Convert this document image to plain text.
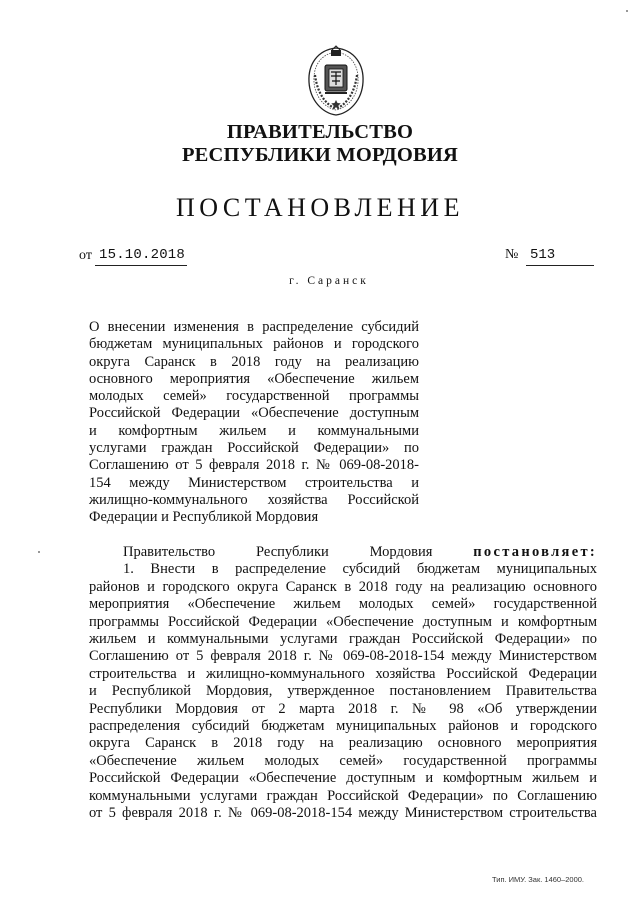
ПРАВИТЕЛЬСТВО
РЕСПУБЛИКИ МОРДОВИЯ
ПОСТАНОВЛЕНИЕ
от 15.10.2018	№ 513
г. Саранск

О внесении изменения в распределение субсидий

бюджетам муниципальных районов и городского

округа Саранск в 2018 году на реализацию

основного мероприятия «Обеспечение жильем

молодых семей» государственной программы

Российской Федерации «Обеспечение доступным

и комфортным жильем и коммунальными

услугами граждан Российской Федерации» по

Соглашению от 5 февраля 2018 г. № 069-08-2018-

154 между Министерством строительства и

жилищно-коммунального хозяйства Российской

Федерации и Республикой Мордовия

Правительство Республики Мордовия постановляет:

1. Внести в распределение субсидий бюджетам муниципальных

районов и городского округа Саранск в 2018 году на реализацию основного

мероприятия «Обеспечение жильем молодых семей» государственной

программы Российской Федерации «Обеспечение доступным и комфортным

жильем и коммунальными услугами граждан Российской Федерации» по

Соглашению от 5 февраля 2018 г. № 069-08-2018-154 между Министерством

строительства и жилищно-коммунального хозяйства Российской Федерации

и Республикой Мордовия, утвержденное постановлением Правительства

Республики Мордовия от 2 марта 2018 г. № 98 «Об утверждении

распределения субсидий бюджетам муниципальных районов и городского

округа Саранск в 2018 году на реализацию основного мероприятия

«Обеспечение жильем молодых семей» государственной программы

Российской Федерации «Обеспечение доступным и комфортным жильем и

коммунальными услугами граждан Российской Федерации» по Соглашению

от 5 февраля 2018 г. № 069-08-2018-154 между Министерством строительства

Тип. ИМУ. Зак. 1460–2000.
